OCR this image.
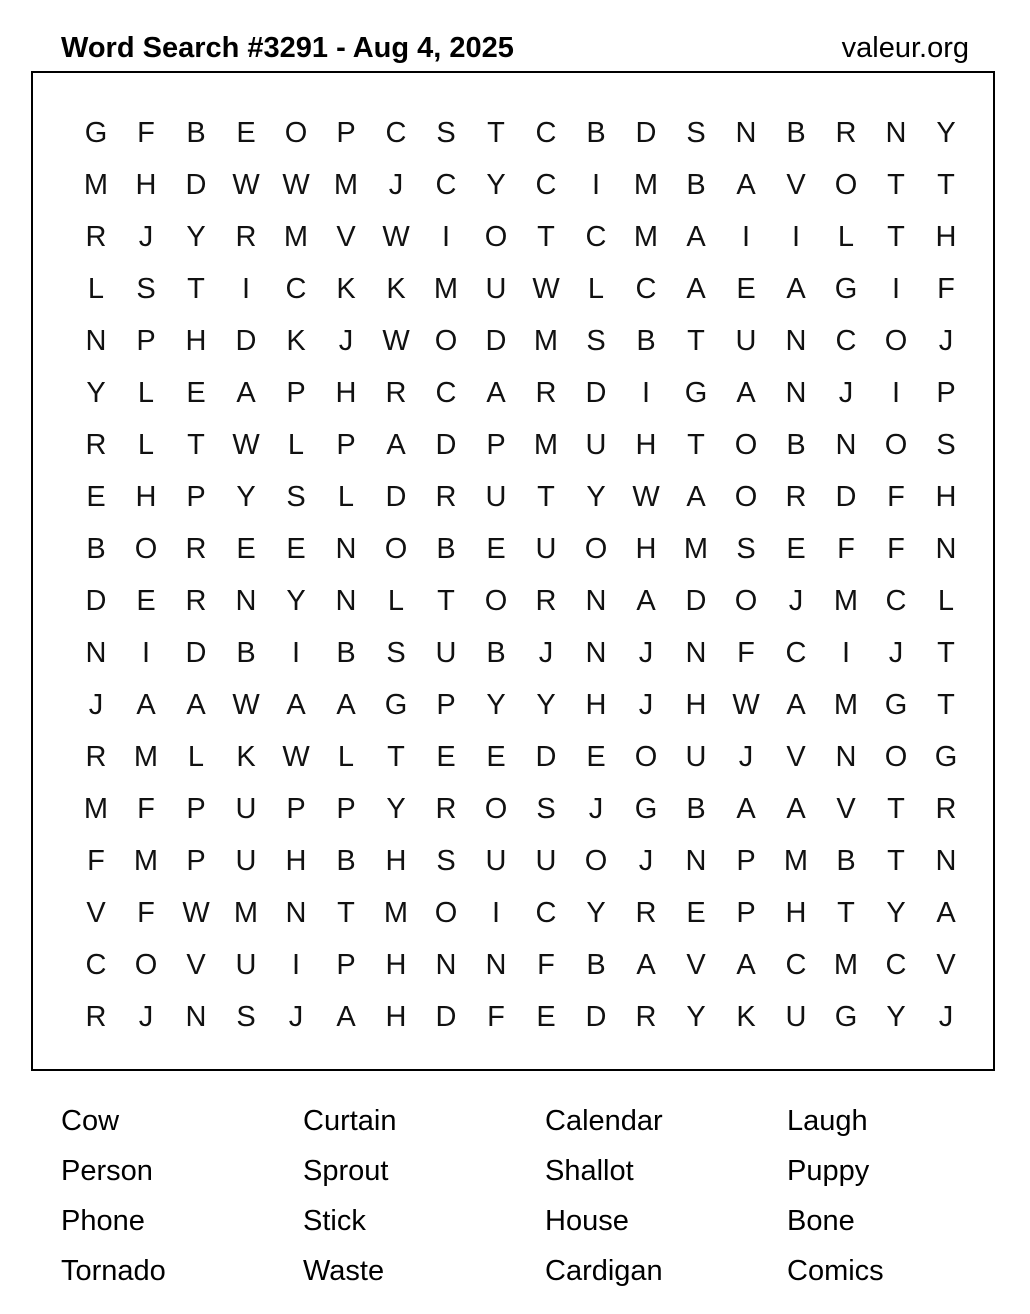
Word Search #3291 - Aug 4, 2025	valeur.org
G	F	B	E	O	P	C	S	T	C	B	D	S	N	B	R	N	Y
M H	D W W M	J	C	Y	C	I	M B	A	V	O	T	T
R	J	Y	R M V W	I	O	T	C M A	I	I	L	T	H
L	S	T	I	C	K	K M U W L	C	A	E	A	G	I	F
N	P	H	D	K	J	W O D M S	B	T	U	N	C O	J
Y	L	E	A	P	H	R	C	A	R	D	I	G	A	N	J	I	P
R	L	T W L	P	A	D	P M U	H	T	O	B	N O	S
E	H	P	Y	S	L	D	R	U	T	Y W A	O R	D	F	H
B	O R	E	E	N O	B	E	U O H M S	E	F	F	N
D	E	R	N	Y	N	L	T	O R	N	A	D O	J	M C	L
N	I	D	B	I	B	S	U	B	J	N	J	N	F	C	I	J	T
J	A	A W A	A	G	P	Y	Y	H	J	H W A M G	T
R M	L	K W L	T	E	E	D	E	O U	J	V	N O G
M	F	P	U	P	P	Y	R O	S	J	G	B	A	A	V	T	R
F	M P	U	H	B	H	S	U	U O	J	N	P M B	T	N
V	F W M N	T	M O	I	C	Y	R	E	P	H	T	Y	A
C O	V	U	I	P	H	N	N	F	B	A	V	A	C M C	V
R	J	N	S	J	A	H	D	F	E	D	R	Y	K	U G	Y	J
Cow	Curtain	Calendar	Laugh
Person	Sprout	Shallot	Puppy
Phone	Stick	House	Bone
Tornado	Waste	Cardigan	Comics
